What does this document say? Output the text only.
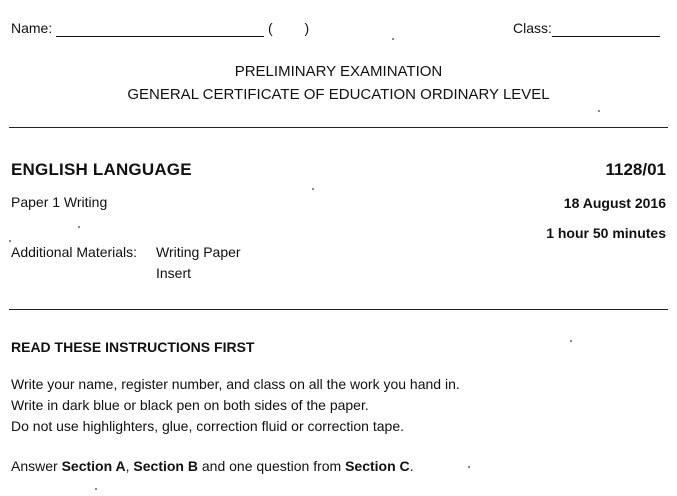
Name:	( )	Class:
PRELIMINARY EXAMINATION
GENERAL CERTIFICATE OF EDUCATION ORDINARY LEVEL
ENGLISH LANGUAGE	1128/01
Paper 1 Writing	18 August 2016
1 hour 50 minutes
Additional Materials: Writing Paper
Insert
READ THESE INSTRUCTIONS FIRST
Write your name, register number, and class on all the work you hand in.
Write in dark blue or black pen on both sides of the paper.
Do not use highlighters, glue, correction fluid or correction tape.
Answer Section A, Section B and one question from Section C.
